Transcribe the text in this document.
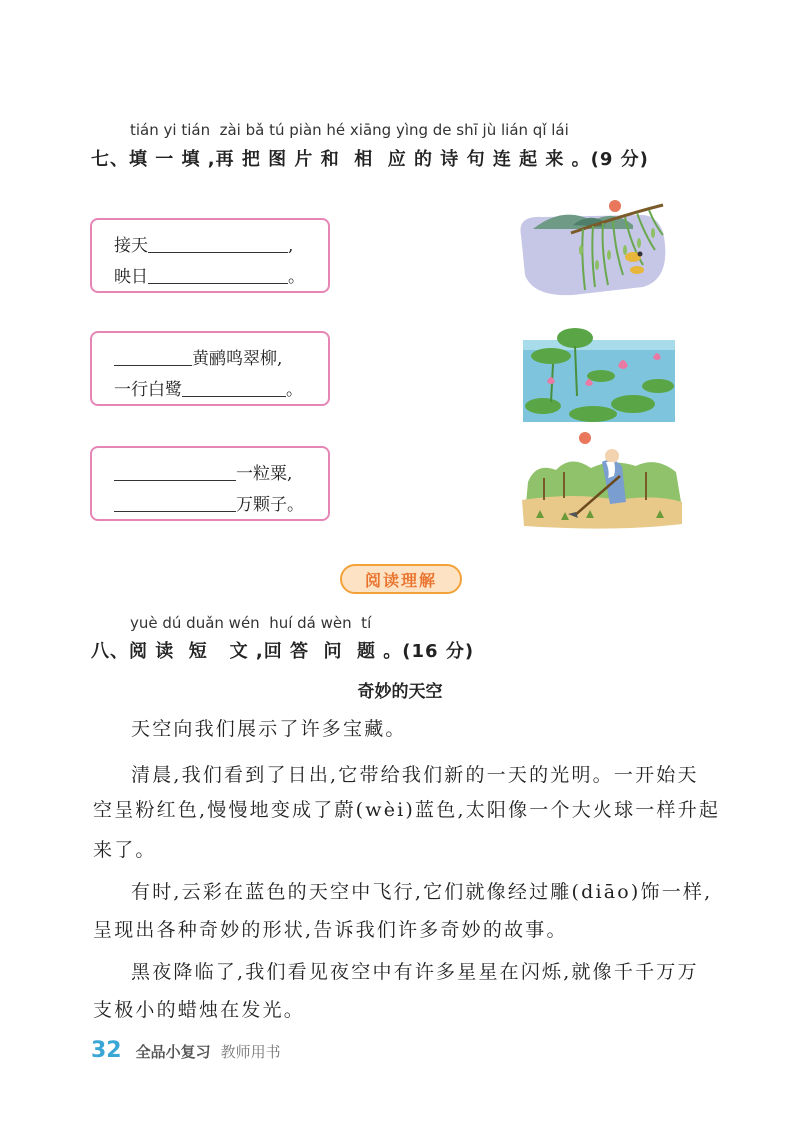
tián yi tián  zài bǎ tú piàn hé xiāng yìng de shī jù lián qǐ lái
七、填 一 填 ,再 把 图 片 和  相  应 的 诗 句 连 起 来 。(9 分)
接天	,
映日	。
黄鹂鸣翠柳,
一行白鹭	。
一粒粟,
万颗子。
阅读理解
yuè dú duǎn wén  huí dá wèn  tí
八、阅 读  短   文 ,回 答  问  题 。(16 分)
奇妙的天空
天空向我们展示了许多宝藏。
清晨,我们看到了日出,它带给我们新的一天的光明。一开始天
空呈粉红色,慢慢地变成了蔚(wèi)蓝色,太阳像一个大火球一样升起
来了。
有时,云彩在蓝色的天空中飞行,它们就像经过雕(diāo)饰一样,
呈现出各种奇妙的形状,告诉我们许多奇妙的故事。
黑夜降临了,我们看见夜空中有许多星星在闪烁,就像千千万万
支极小的蜡烛在发光。
32 全品小复习 教师用书
